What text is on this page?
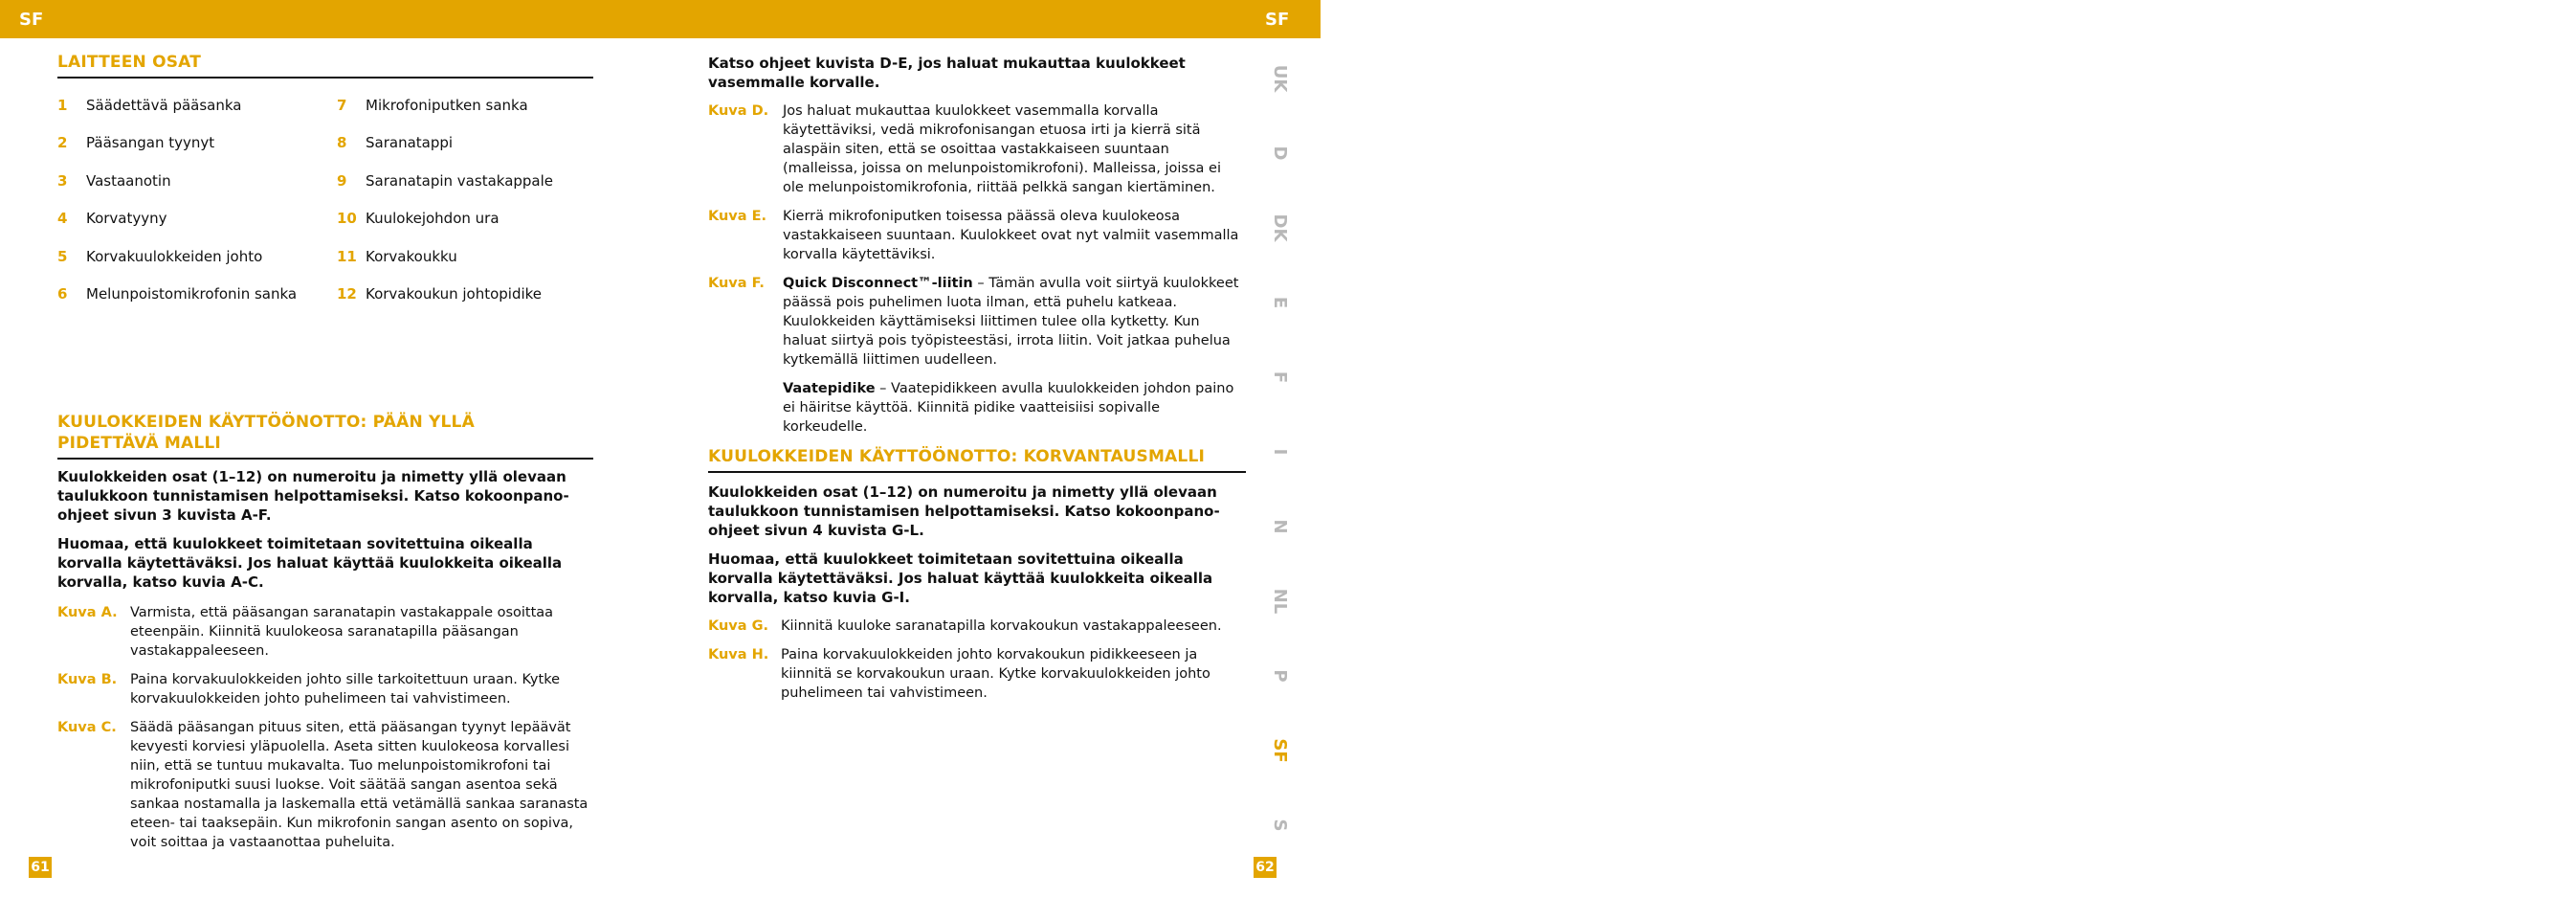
SF	SF
LAITTEEN OSAT
1 Säädettävä pääsanka
2 Pääsangan tyynyt
3 Vastaanotin
4 Korvatyyny
5 Korvakuulokkeiden johto
6 Melunpoistomikrofonin sanka
7 Mikrofoniputken sanka
8 Saranatappi
9 Saranatapin vastakappale
10 Kuulokejohdon ura
11 Korvakoukku
12 Korvakoukun johtopidike
KUULOKKEIDEN KÄYTTÖÖNOTTO: PÄÄN YLLÄ
PIDETTÄVÄ MALLI

Kuulokkeiden osat (1–12) on numeroitu ja nimetty yllä olevaan taulukkoon tunnistamisen helpottamiseksi. Katso kokoonpano-ohjeet sivun 3 kuvista A-F.

Huomaa, että kuulokkeet toimitetaan sovitettuina oikealla korvalla käytettäväksi. Jos haluat käyttää kuulokkeita oikealla korvalla, katso kuvia A-C.

Kuva A. Varmista, että pääsangan saranatapin vastakappale osoittaa eteenpäin. Kiinnitä kuulokeosa saranatapilla pääsangan vastakappaleeseen.
Kuva B. Paina korvakuulokkeiden johto sille tarkoitettuun uraan. Kytke korvakuulokkeiden johto puhelimeen tai vahvistimeen.
Kuva C. Säädä pääsangan pituus siten, että pääsangan tyynyt lepäävät kevyesti korviesi yläpuolella. Aseta sitten kuulokeosa korvallesi niin, että se tuntuu mukavalta. Tuo melunpoistomikrofoni tai mikrofoniputki suusi luokse. Voit säätää sangan asentoa sekä sankaa nostamalla ja laskemalla että vetämällä sankaa saranasta eteen- tai taaksepäin. Kun mikrofonin sangan asento on sopiva, voit soittaa ja vastaanottaa puheluita.
61

Katso ohjeet kuvista D-E, jos haluat mukauttaa kuulokkeet vasemmalle korvalle.

Kuva D. Jos haluat mukauttaa kuulokkeet vasemmalla korvalla käytettäviksi, vedä mikrofonisangan etuosa irti ja kierrä sitä alaspäin siten, että se osoittaa vastakkaiseen suuntaan (malleissa, joissa on melunpoistomikrofoni). Malleissa, joissa ei ole melunpoistomikrofonia, riittää pelkkä sangan kiertäminen.
Kuva E. Kierrä mikrofoniputken toisessa päässä oleva kuulokeosa vastakkaiseen suuntaan. Kuulokkeet ovat nyt valmiit vasemmalla korvalla käytettäviksi.
Kuva F. Quick Disconnect™-liitin – Tämän avulla voit siirtyä kuulokkeet päässä pois puhelimen luota ilman, että puhelu katkeaa. Kuulokkeiden käyttämiseksi liittimen tulee olla kytketty. Kun haluat siirtyä pois työpisteestäsi, irrota liitin. Voit jatkaa puhelua kytkemällä liittimen uudelleen.
Vaatepidike – Vaatepidikkeen avulla kuulokkeiden johdon paino ei häiritse käyttöä. Kiinnitä pidike vaatteisiisi sopivalle korkeudelle.
KUULOKKEIDEN KÄYTTÖÖNOTTO: KORVANTAUSMALLI

Kuulokkeiden osat (1–12) on numeroitu ja nimetty yllä olevaan taulukkoon tunnistamisen helpottamiseksi. Katso kokoonpano-ohjeet sivun 4 kuvista G-L.

Huomaa, että kuulokkeet toimitetaan sovitettuina oikealla korvalla käytettäväksi. Jos haluat käyttää kuulokkeita oikealla korvalla, katso kuvia G-I.

Kuva G. Kiinnitä kuuloke saranatapilla korvakoukun vastakappaleeseen.
Kuva H. Paina korvakuulokkeiden johto korvakoukun pidikkeeseen ja kiinnitä se korvakoukun uraan. Kytke korvakuulokkeiden johto puhelimeen tai vahvistimeen.
UK
D
DK
E
F
I
N
NL
P
SF
S
62
